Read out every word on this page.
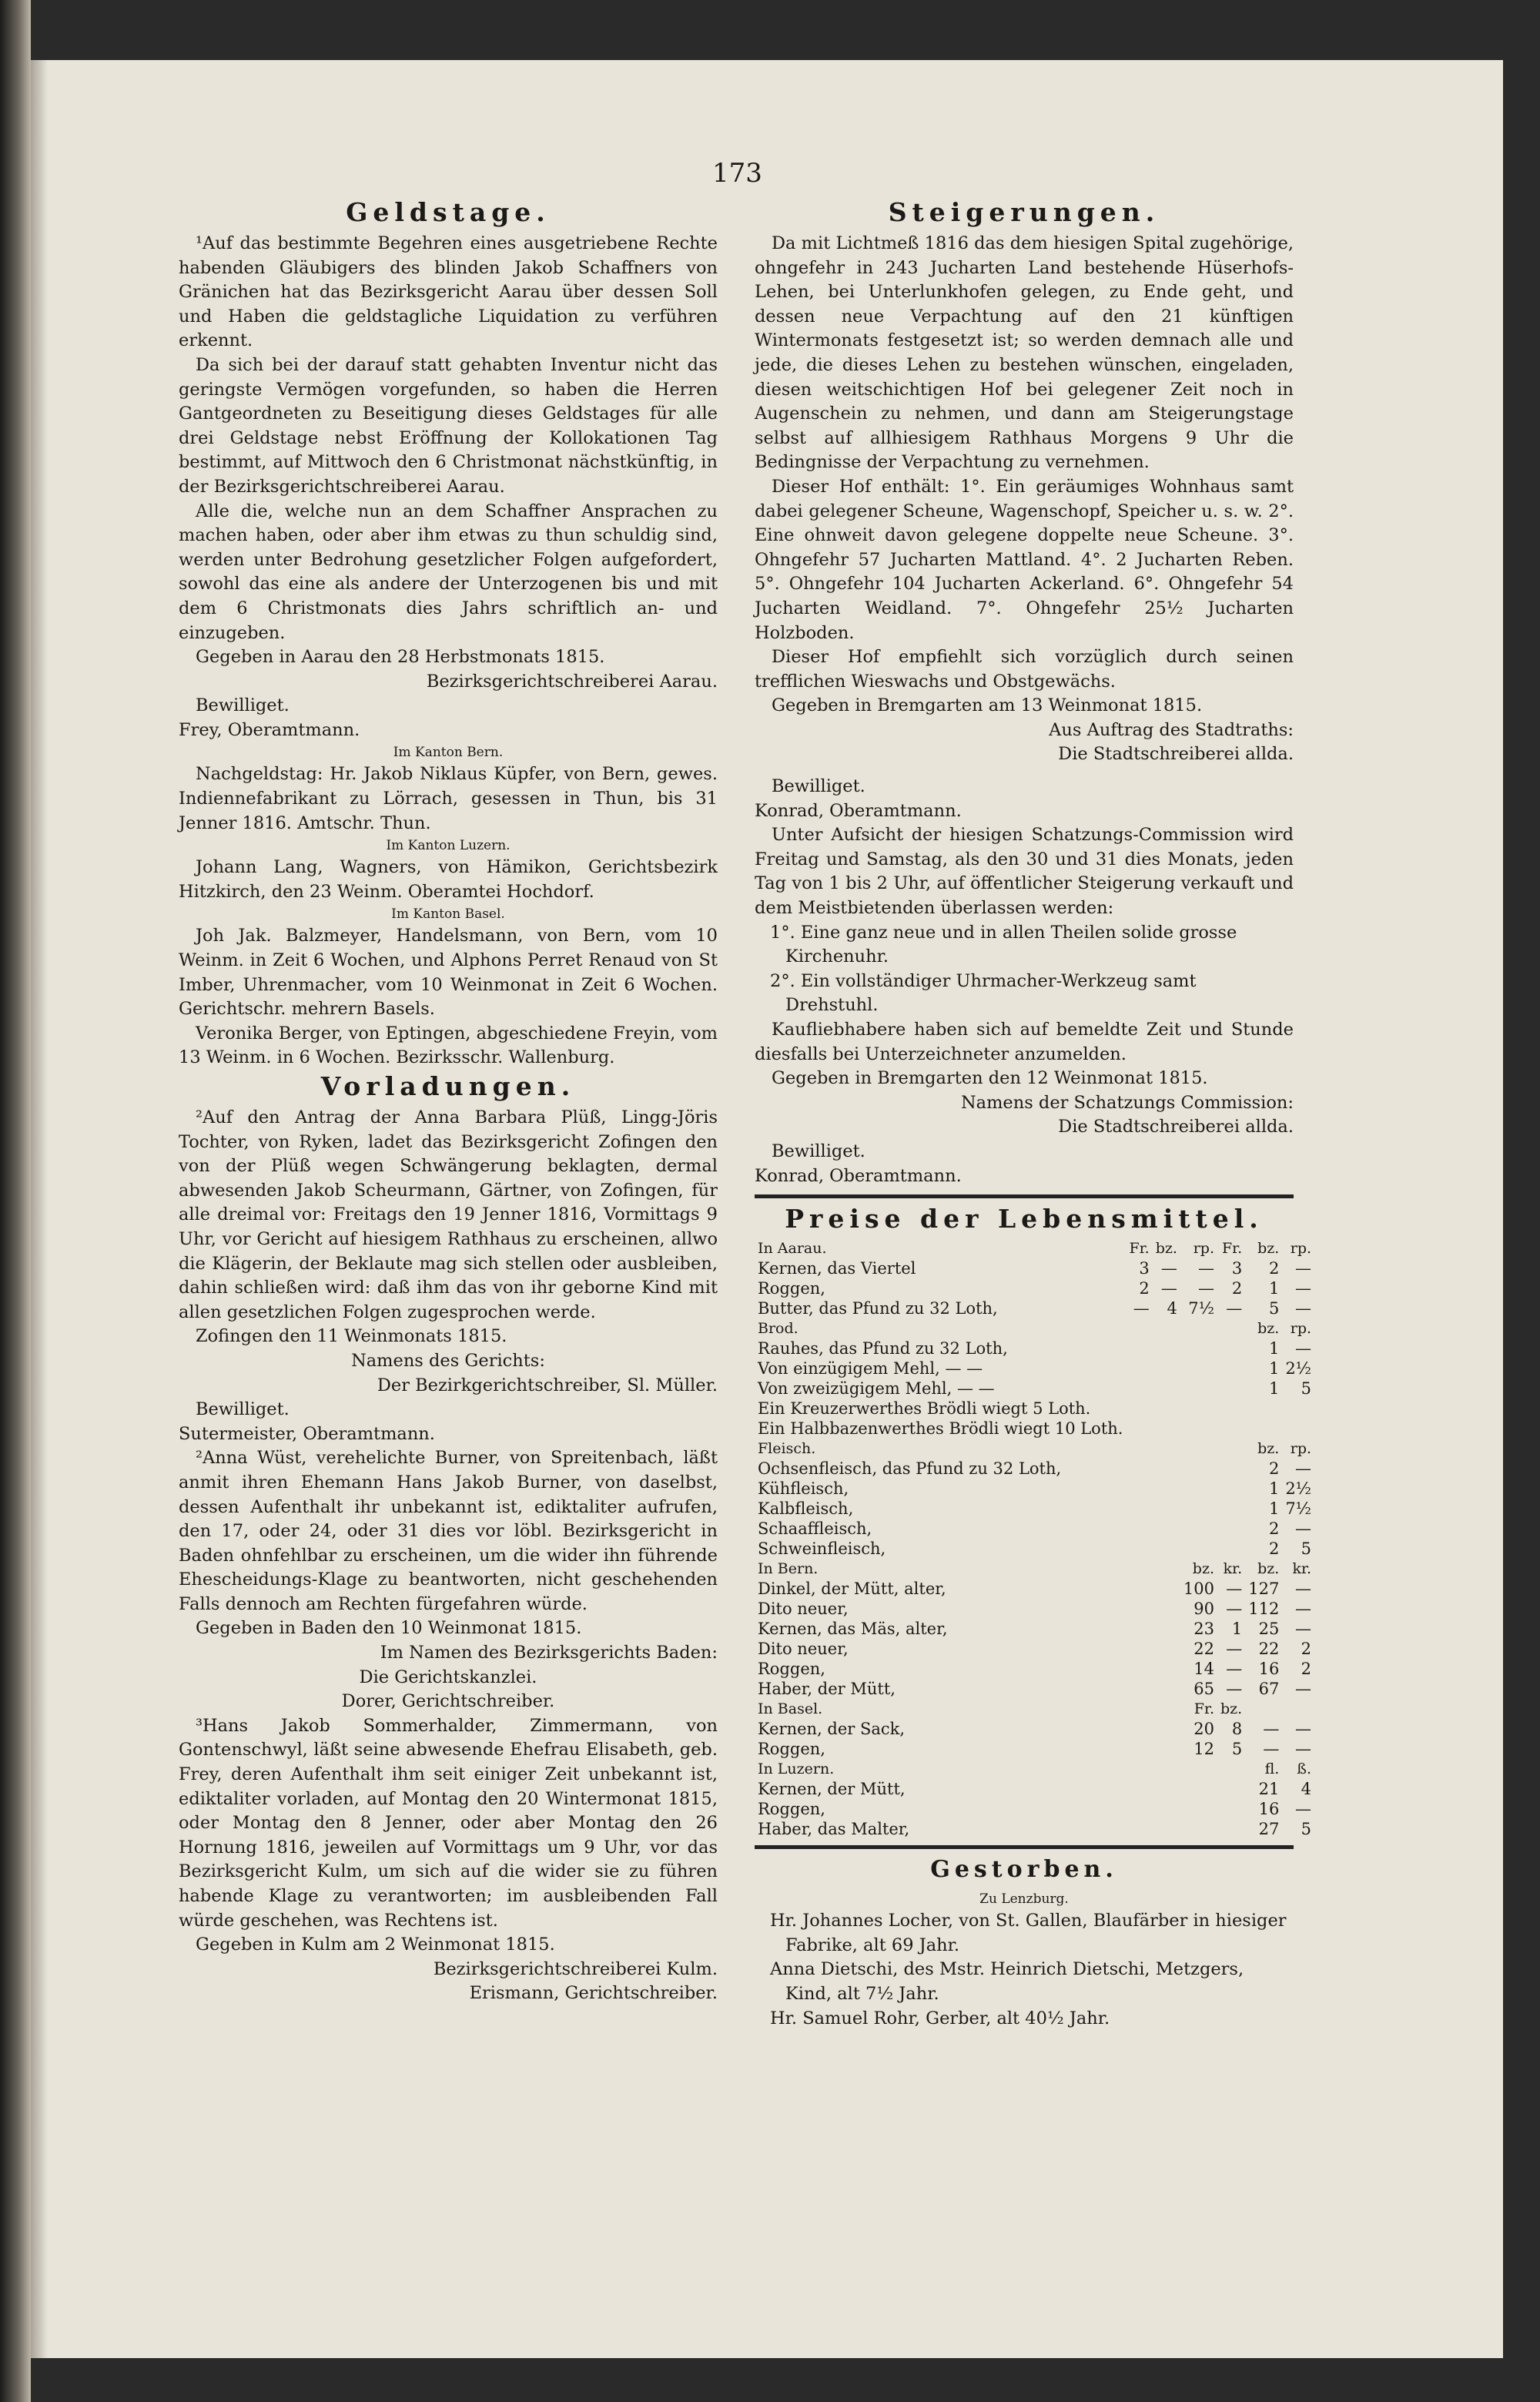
173
Geldstage.

¹Auf das bestimmte Begehren eines ausgetriebene Rechte habenden Gläubigers des blinden Jakob Schaffners von Gränichen hat das Bezirksgericht Aarau über dessen Soll und Haben die geldstagliche Liquidation zu verführen erkennt.

Da sich bei der darauf statt gehabten Inventur nicht das geringste Vermögen vorgefunden, so haben die Herren Gantgeordneten zu Beseitigung dieses Geldstages für alle drei Geldstage nebst Eröffnung der Kollokationen Tag bestimmt, auf Mittwoch den 6 Christmonat nächstkünftig, in der Bezirksgerichtschreiberei Aarau.

Alle die, welche nun an dem Schaffner Ansprachen zu machen haben, oder aber ihm etwas zu thun schuldig sind, werden unter Bedrohung gesetzlicher Folgen aufgefordert, sowohl das eine als andere der Unterzogenen bis und mit dem 6 Christmonats dies Jahrs schriftlich an- und einzugeben.

Gegeben in Aarau den 28 Herbstmonats 1815.

Bezirksgerichtschreiberei Aarau.

Bewilliget.

Frey, Oberamtmann.

Im Kanton Bern.

Nachgeldstag: Hr. Jakob Niklaus Küpfer, von Bern, gewes. Indiennefabrikant zu Lörrach, gesessen in Thun, bis 31 Jenner 1816. Amtschr. Thun.

Im Kanton Luzern.

Johann Lang, Wagners, von Hämikon, Gerichtsbezirk Hitzkirch, den 23 Weinm. Oberamtei Hochdorf.

Im Kanton Basel.

Joh Jak. Balzmeyer, Handelsmann, von Bern, vom 10 Weinm. in Zeit 6 Wochen, und Alphons Perret Renaud von St Imber, Uhrenmacher, vom 10 Weinmonat in Zeit 6 Wochen. Gerichtschr. mehrern Basels.

Veronika Berger, von Eptingen, abgeschiedene Freyin, vom 13 Weinm. in 6 Wochen. Bezirksschr. Wallenburg.

Vorladungen.

²Auf den Antrag der Anna Barbara Plüß, Lingg-Jöris Tochter, von Ryken, ladet das Bezirksgericht Zofingen den von der Plüß wegen Schwängerung beklagten, dermal abwesenden Jakob Scheurmann, Gärtner, von Zofingen, für alle dreimal vor: Freitags den 19 Jenner 1816, Vormittags 9 Uhr, vor Gericht auf hiesigem Rathhaus zu erscheinen, allwo die Klägerin, der Beklaute mag sich stellen oder ausbleiben, dahin schließen wird: daß ihm das von ihr geborne Kind mit allen gesetzlichen Folgen zugesprochen werde.

Zofingen den 11 Weinmonats 1815.

Namens des Gerichts:

Der Bezirkgerichtschreiber, Sl. Müller.

Bewilliget.

Sutermeister, Oberamtmann.

²Anna Wüst, verehelichte Burner, von Spreitenbach, läßt anmit ihren Ehemann Hans Jakob Burner, von daselbst, dessen Aufenthalt ihr unbekannt ist, ediktaliter aufrufen, den 17, oder 24, oder 31 dies vor löbl. Bezirksgericht in Baden ohnfehlbar zu erscheinen, um die wider ihn führende Ehescheidungs-Klage zu beantworten, nicht geschehenden Falls dennoch am Rechten fürgefahren würde.

Gegeben in Baden den 10 Weinmonat 1815.

Im Namen des Bezirksgerichts Baden:

Die Gerichtskanzlei.

Dorer, Gerichtschreiber.

³Hans Jakob Sommerhalder, Zimmermann, von Gontenschwyl, läßt seine abwesende Ehefrau Elisabeth, geb. Frey, deren Aufenthalt ihm seit einiger Zeit unbekannt ist, ediktaliter vorladen, auf Montag den 20 Wintermonat 1815, oder Montag den 8 Jenner, oder aber Montag den 26 Hornung 1816, jeweilen auf Vormittags um 9 Uhr, vor das Bezirksgericht Kulm, um sich auf die wider sie zu führen habende Klage zu verantworten; im ausbleibenden Fall würde geschehen, was Rechtens ist.

Gegeben in Kulm am 2 Weinmonat 1815.

Bezirksgerichtschreiberei Kulm.

Erismann, Gerichtschreiber.

Steigerungen.

Da mit Lichtmeß 1816 das dem hiesigen Spital zugehörige, ohngefehr in 243 Jucharten Land bestehende Hüserhofs-Lehen, bei Unterlunkhofen gelegen, zu Ende geht, und dessen neue Verpachtung auf den 21 künftigen Wintermonats festgesetzt ist; so werden demnach alle und jede, die dieses Lehen zu bestehen wünschen, eingeladen, diesen weitschichtigen Hof bei gelegener Zeit noch in Augenschein zu nehmen, und dann am Steigerungstage selbst auf allhiesigem Rathhaus Morgens 9 Uhr die Bedingnisse der Verpachtung zu vernehmen.

Dieser Hof enthält: 1°. Ein geräumiges Wohnhaus samt dabei gelegener Scheune, Wagenschopf, Speicher u. s. w. 2°. Eine ohnweit davon gelegene doppelte neue Scheune. 3°. Ohngefehr 57 Jucharten Mattland. 4°. 2 Jucharten Reben. 5°. Ohngefehr 104 Jucharten Ackerland. 6°. Ohngefehr 54 Jucharten Weidland. 7°. Ohngefehr 25½ Jucharten Holzboden.

Dieser Hof empfiehlt sich vorzüglich durch seinen trefflichen Wieswachs und Obstgewächs.

Gegeben in Bremgarten am 13 Weinmonat 1815.

Aus Auftrag des Stadtraths:

Die Stadtschreiberei allda.

Bewilliget.

Konrad, Oberamtmann.

Unter Aufsicht der hiesigen Schatzungs-Commission wird Freitag und Samstag, als den 30 und 31 dies Monats, jeden Tag von 1 bis 2 Uhr, auf öffentlicher Steigerung verkauft und dem Meistbietenden überlassen werden:

1°. Eine ganz neue und in allen Theilen solide grosse Kirchenuhr.

2°. Ein vollständiger Uhrmacher-Werkzeug samt Drehstuhl.

Kaufliebhabere haben sich auf bemeldte Zeit und Stunde diesfalls bei Unterzeichneter anzumelden.

Gegeben in Bremgarten den 12 Weinmonat 1815.

Namens der Schatzungs Commission:

Die Stadtschreiberei allda.

Bewilliget.

Konrad, Oberamtmann.

Preise der Lebensmittel.
In Aarau.	Fr.	bz.	rp.	Fr.	bz.	rp.
Kernen, das Viertel	3	—	—	3	2	—
Roggen,	2	—	—	2	1	—
Butter, das Pfund zu 32 Loth,	—	4	7½	—	5	—
Brod.					bz.	rp.
Rauhes, das Pfund zu 32 Loth,					1	—
Von einzügigem Mehl, — —					1	2½
Von zweizügigem Mehl, — —					1	5
Ein Kreuzerwerthes Brödli wiegt 5 Loth.						
Ein Halbbazenwerthes Brödli wiegt 10 Loth.						
Fleisch.					bz.	rp.
Ochsenfleisch, das Pfund zu 32 Loth,					2	—
Kühfleisch,					1	2½
Kalbfleisch,					1	7½
Schaaffleisch,					2	—
Schweinfleisch,					2	5
In Bern.			bz.	kr.	bz.	kr.
Dinkel, der Mütt, alter,			100	—	127	—
Dito neuer,			90	—	112	—
Kernen, das Mäs, alter,			23	1	25	—
Dito neuer,			22	—	22	2
Roggen,			14	—	16	2
Haber, der Mütt,			65	—	67	—
In Basel.			Fr.	bz.		
Kernen, der Sack,			20	8	—	—
Roggen,			12	5	—	—
In Luzern.					fl.	ß.
Kernen, der Mütt,					21	4
Roggen,					16	—
Haber, das Malter,					27	5
Gestorben.

Zu Lenzburg.

Hr. Johannes Locher, von St. Gallen, Blaufärber in hiesiger Fabrike, alt 69 Jahr.

Anna Dietschi, des Mstr. Heinrich Dietschi, Metzgers, Kind, alt 7½ Jahr.

Hr. Samuel Rohr, Gerber, alt 40½ Jahr.
